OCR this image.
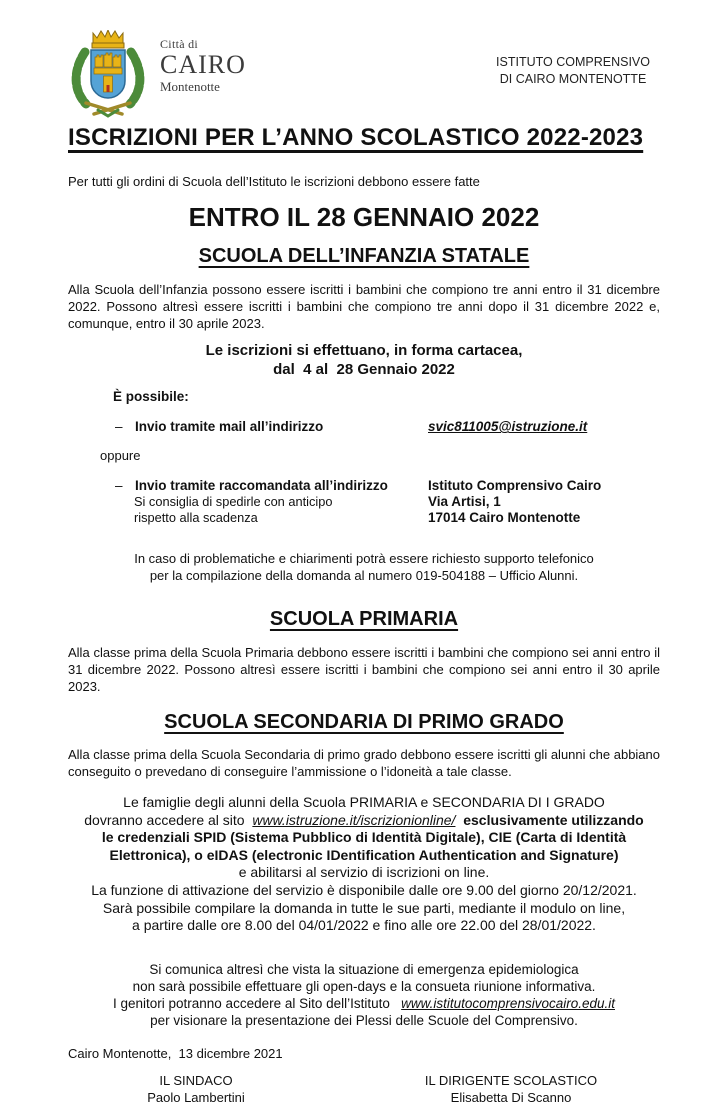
Città di
CAIRO
Montenotte
ISTITUTO COMPRENSIVO
DI CAIRO MONTENOTTE
ISCRIZIONI PER L’ANNO SCOLASTICO 2022-2023
Per tutti gli ordini di Scuola dell’Istituto le iscrizioni debbono essere fatte
ENTRO IL 28 GENNAIO 2022
SCUOLA DELL’INFANZIA STATALE
Alla Scuola dell’Infanzia possono essere iscritti i bambini che compiono tre anni entro il 31 dicembre 2022. Possono altresì essere iscritti i bambini che compiono tre anni dopo il 31 dicembre 2022 e, comunque, entro il 30 aprile 2023.
Le iscrizioni si effettuano, in forma cartacea,
dal  4 al  28 Gennaio 2022
È possibile:
– Invio tramite mail all’indirizzo	svic811005@istruzione.it
oppure
– Invio tramite raccomandata all’indirizzo
Si consiglia di spedirle con anticipo
rispetto alla scadenza
Istituto Comprensivo Cairo
Via Artisi, 1
17014 Cairo Montenotte
In caso di problematiche e chiarimenti potrà essere richiesto supporto telefonico
per la compilazione della domanda al numero 019-504188 – Ufficio Alunni.
SCUOLA PRIMARIA
Alla classe prima della Scuola Primaria debbono essere iscritti i bambini che compiono sei anni entro il 31 dicembre 2022. Possono altresì essere iscritti i bambini che compiono sei anni entro il 30 aprile 2023.
SCUOLA SECONDARIA DI PRIMO GRADO
Alla classe prima della Scuola Secondaria di primo grado debbono essere iscritti gli alunni che abbiano conseguito o prevedano di conseguire l’ammissione o l’idoneità a tale classe.
Le famiglie degli alunni della Scuola PRIMARIA e SECONDARIA DI I GRADO
dovranno accedere al sito  www.istruzione.it/iscrizionionline/  esclusivamente utilizzando
le credenziali SPID (Sistema Pubblico di Identità Digitale), CIE (Carta di Identità
Elettronica), o eIDAS (electronic IDentification Authentication and Signature)
e abilitarsi al servizio di iscrizioni on line.
La funzione di attivazione del servizio è disponibile dalle ore 9.00 del giorno 20/12/2021.
Sarà possibile compilare la domanda in tutte le sue parti, mediante il modulo on line,
a partire dalle ore 8.00 del 04/01/2022 e fino alle ore 22.00 del 28/01/2022.
Si comunica altresì che vista la situazione di emergenza epidemiologica
non sarà possibile effettuare gli open-days e la consueta riunione informativa.
I genitori potranno accedere al Sito dell’Istituto   www.istitutocomprensivocairo.edu.it
per visionare la presentazione dei Plessi delle Scuole del Comprensivo.
Cairo Montenotte,  13 dicembre 2021
IL SINDACO
Paolo Lambertini
IL DIRIGENTE SCOLASTICO
Elisabetta Di Scanno
